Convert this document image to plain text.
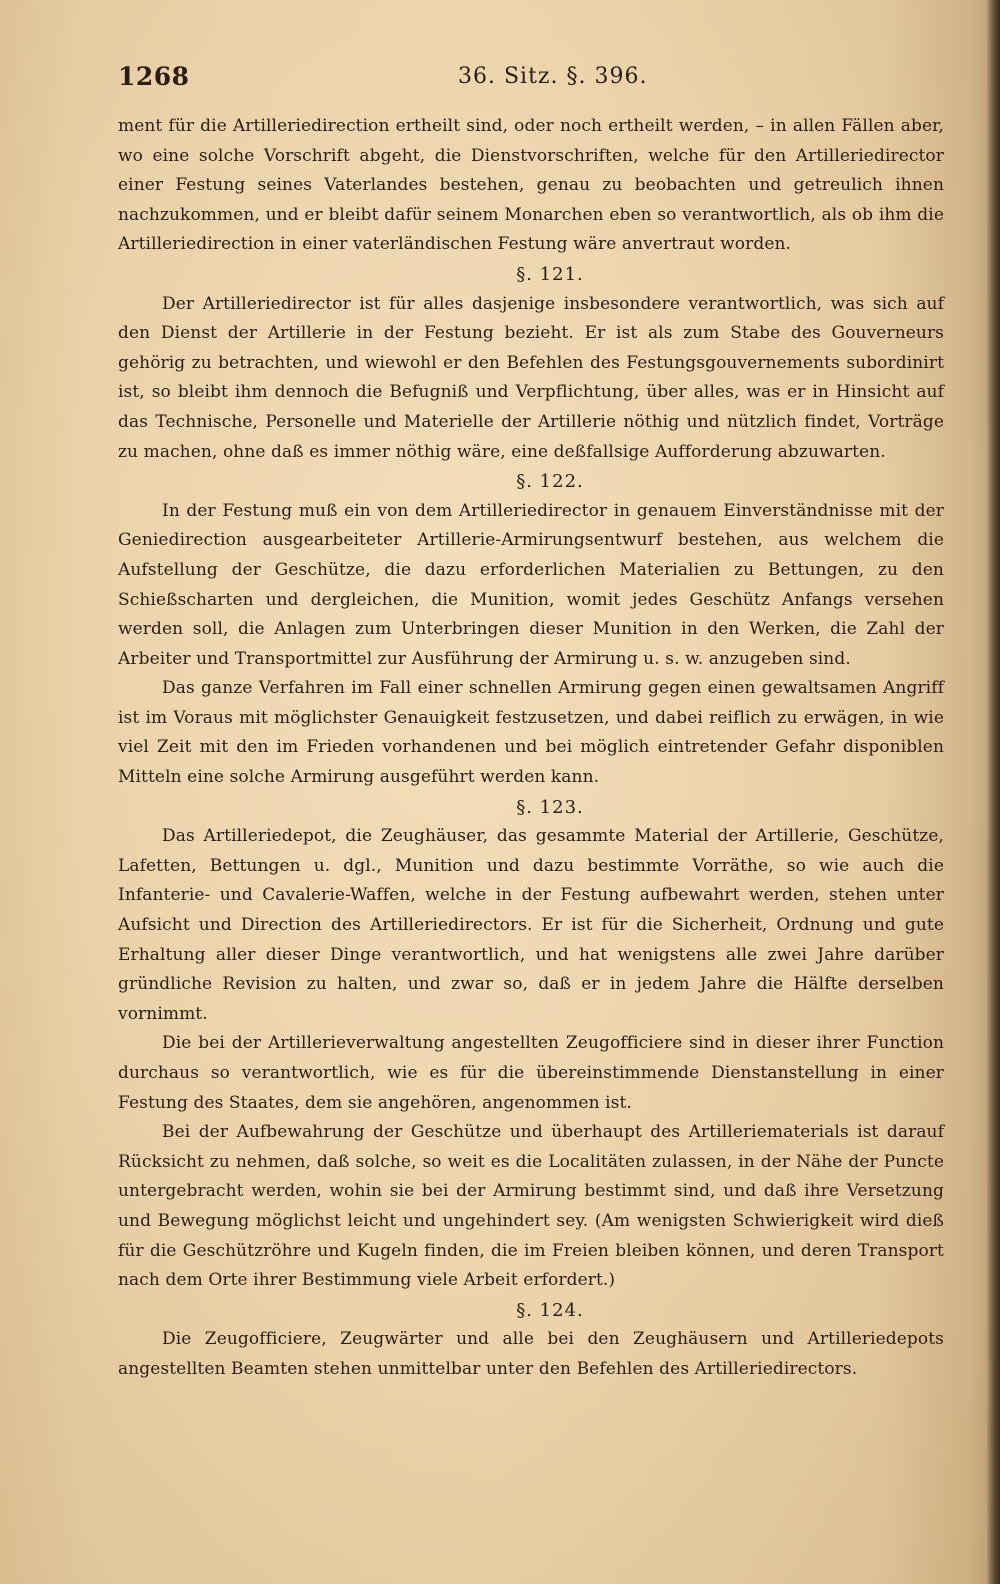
1268	36. Sitz. §. 396.

ment für die Artilleriedirection ertheilt sind, oder noch ertheilt werden, – in allen Fällen aber, wo eine solche Vorschrift abgeht, die Dienstvorschriften, welche für den Artilleriedirector einer Festung seines Vaterlandes bestehen, genau zu beobachten und getreulich ihnen nachzukommen, und er bleibt dafür seinem Monarchen eben so verantwortlich, als ob ihm die Artilleriedirection in einer vaterländischen Festung wäre anvertraut worden.

§. 121.

Der Artilleriedirector ist für alles dasjenige insbesondere verantwortlich, was sich auf den Dienst der Artillerie in der Festung bezieht. Er ist als zum Stabe des Gouverneurs gehörig zu betrachten, und wiewohl er den Befehlen des Festungsgouvernements subordinirt ist, so bleibt ihm dennoch die Befugniß und Verpflichtung, über alles, was er in Hinsicht auf das Technische, Personelle und Materielle der Artillerie nöthig und nützlich findet, Vorträge zu machen, ohne daß es immer nöthig wäre, eine deßfallsige Aufforderung abzuwarten.

§. 122.

In der Festung muß ein von dem Artilleriedirector in genauem Einverständnisse mit der Geniedirection ausgearbeiteter Artillerie-Armirungsentwurf bestehen, aus welchem die Aufstellung der Geschütze, die dazu erforderlichen Materialien zu Bettungen, zu den Schießscharten und dergleichen, die Munition, womit jedes Geschütz Anfangs versehen werden soll, die Anlagen zum Unterbringen dieser Munition in den Werken, die Zahl der Arbeiter und Transportmittel zur Ausführung der Armirung u. s. w. anzugeben sind.

Das ganze Verfahren im Fall einer schnellen Armirung gegen einen gewaltsamen Angriff ist im Voraus mit möglichster Genauigkeit festzusetzen, und dabei reiflich zu erwägen, in wie viel Zeit mit den im Frieden vorhandenen und bei möglich eintretender Gefahr disponiblen Mitteln eine solche Armirung ausgeführt werden kann.

§. 123.

Das Artilleriedepot, die Zeughäuser, das gesammte Material der Artillerie, Geschütze, Lafetten, Bettungen u. dgl., Munition und dazu bestimmte Vorräthe, so wie auch die Infanterie- und Cavalerie-Waffen, welche in der Festung aufbewahrt werden, stehen unter Aufsicht und Direction des Artilleriedirectors. Er ist für die Sicherheit, Ordnung und gute Erhaltung aller dieser Dinge verantwortlich, und hat wenigstens alle zwei Jahre darüber gründliche Revision zu halten, und zwar so, daß er in jedem Jahre die Hälfte derselben vornimmt.

Die bei der Artillerieverwaltung angestellten Zeugofficiere sind in dieser ihrer Function durchaus so verantwortlich, wie es für die übereinstimmende Dienstanstellung in einer Festung des Staates, dem sie angehören, angenommen ist.

Bei der Aufbewahrung der Geschütze und überhaupt des Artilleriematerials ist darauf Rücksicht zu nehmen, daß solche, so weit es die Localitäten zulassen, in der Nähe der Puncte untergebracht werden, wohin sie bei der Armirung bestimmt sind, und daß ihre Versetzung und Bewegung möglichst leicht und ungehindert sey. (Am wenigsten Schwierigkeit wird dieß für die Geschützröhre und Kugeln finden, die im Freien bleiben können, und deren Transport nach dem Orte ihrer Bestimmung viele Arbeit erfordert.)

§. 124.

Die Zeugofficiere, Zeugwärter und alle bei den Zeughäusern und Artilleriedepots angestellten Beamten stehen unmittelbar unter den Befehlen des Artilleriedirectors.
